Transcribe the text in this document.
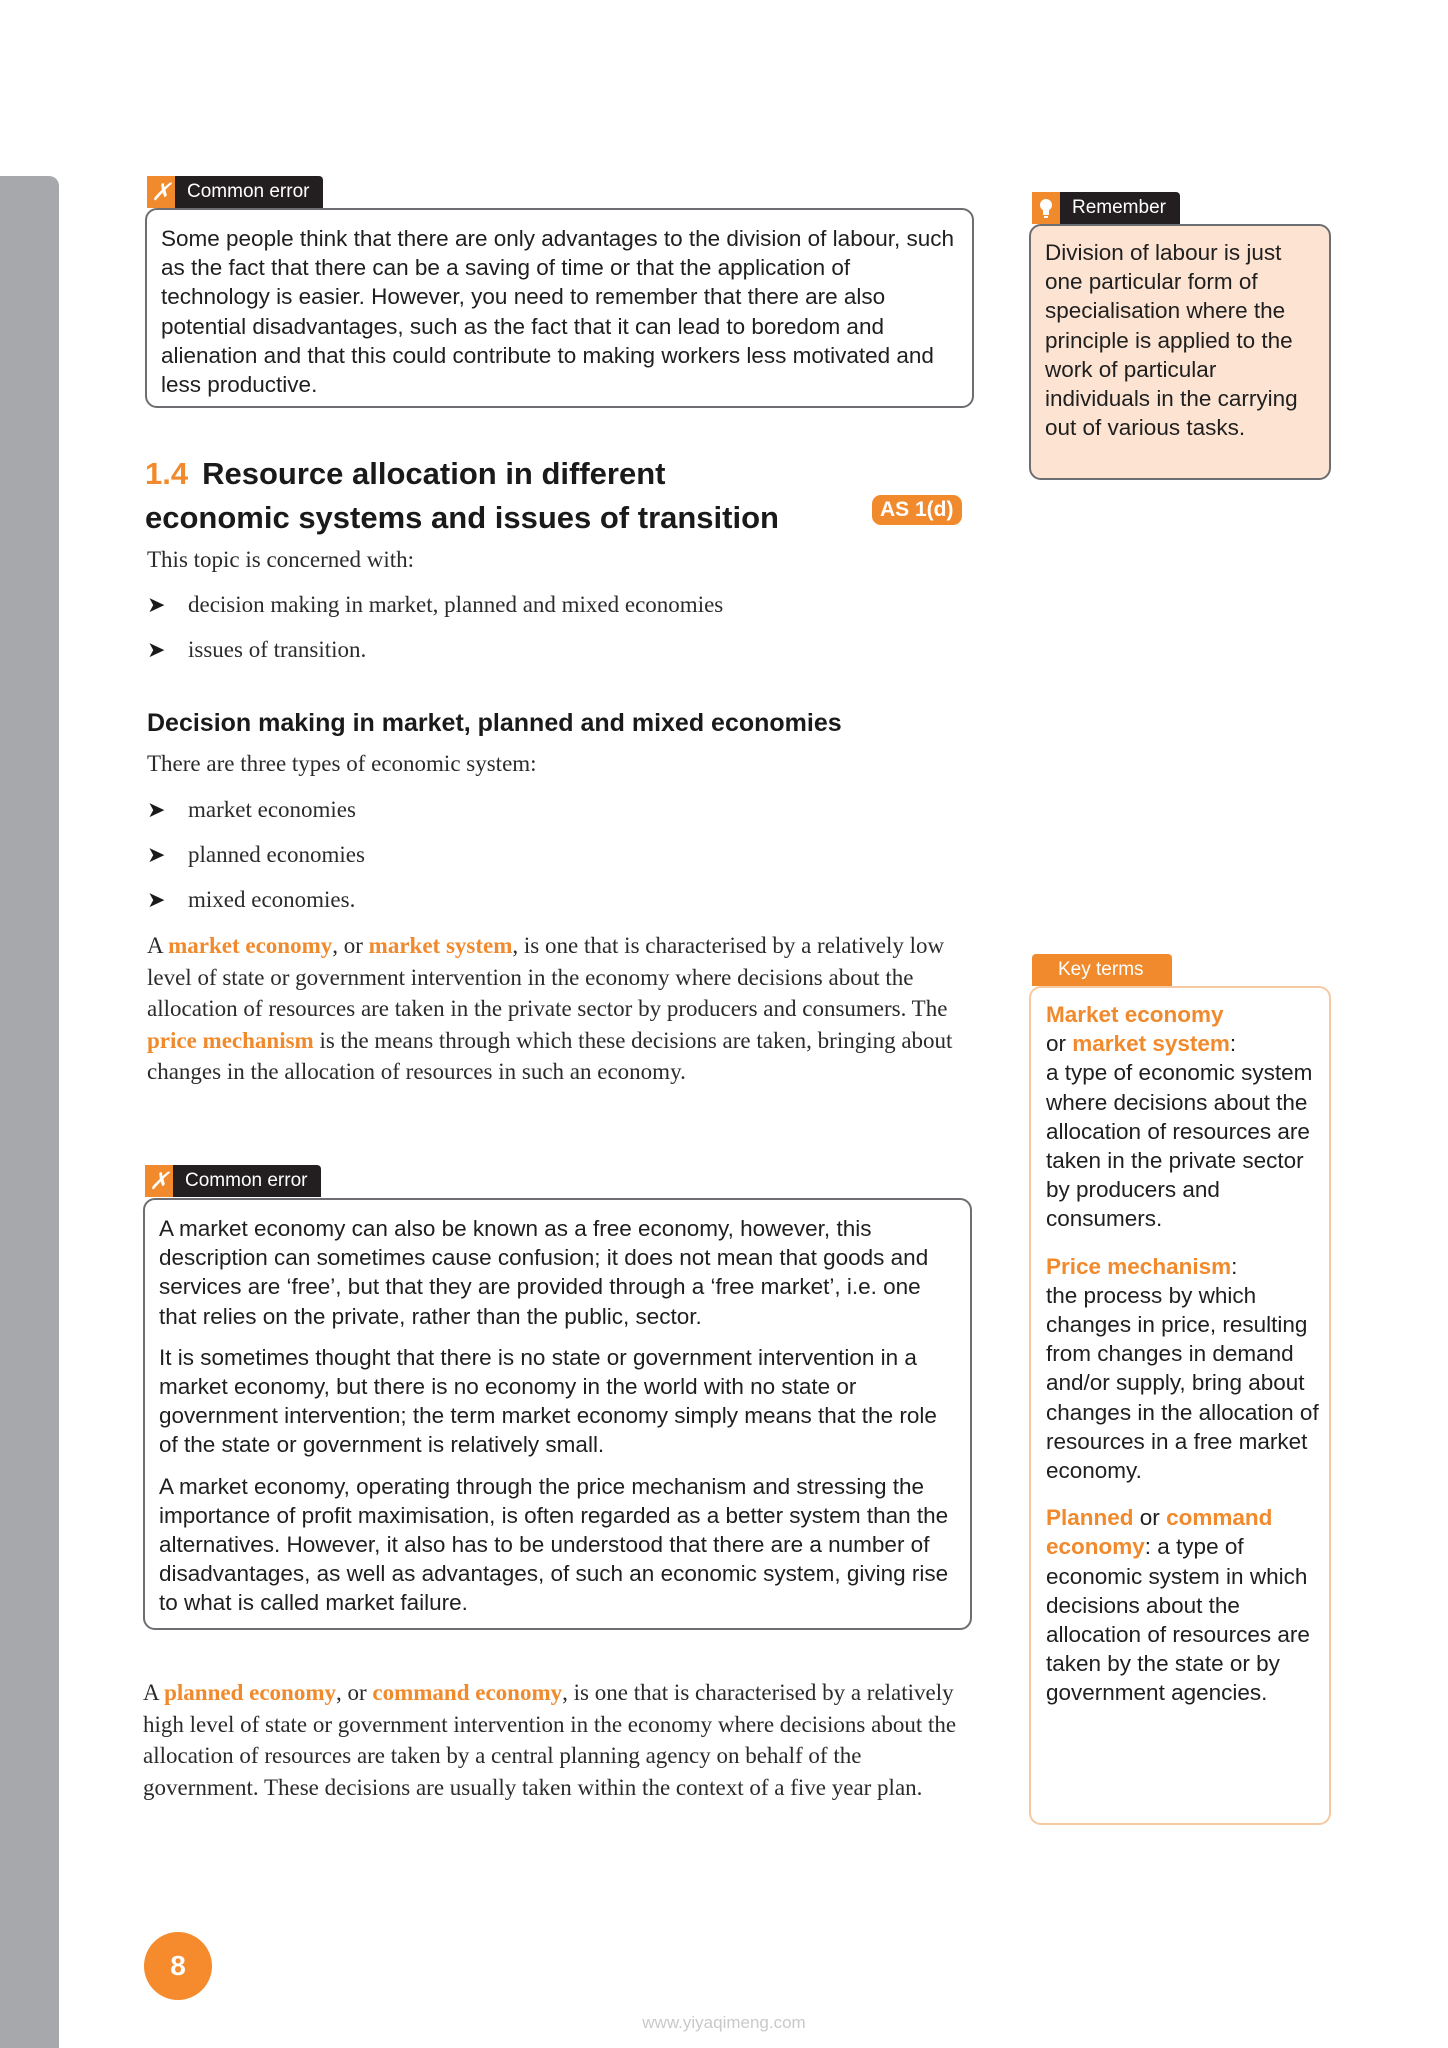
✗ Common error

Some people think that there are only advantages to the division of labour, such as the fact that there can be a saving of time or that the application of technology is easier. However, you need to remember that there are also potential disadvantages, such as the fact that it can lead to boredom and alienation and that this could contribute to making workers less motivated and less productive.

Remember

Division of labour is just one particular form of specialisation where the principle is applied to the work of particular individuals in the carrying out of various tasks.

1.4 Resource allocation in different
economic systems and issues of transition	AS 1(d)
This topic is concerned with:
➤ decision making in market, planned and mixed economies
➤ issues of transition.
Decision making in market, planned and mixed economies
There are three types of economic system:
➤ market economies
➤ planned economies
➤ mixed economies.
A market economy, or market system, is one that is characterised by a relatively low level of state or government intervention in the economy where decisions about the allocation of resources are taken in the private sector by producers and consumers. The price mechanism is the means through which these decisions are taken, bringing about changes in the allocation of resources in such an economy.
✗ Common error

A market economy can also be known as a free economy, however, this description can sometimes cause confusion; it does not mean that goods and services are ‘free’, but that they are provided through a ‘free market’, i.e. one that relies on the private, rather than the public, sector.

It is sometimes thought that there is no state or government intervention in a market economy, but there is no economy in the world with no state or government intervention; the term market economy simply means that the role of the state or government is relatively small.

A market economy, operating through the price mechanism and stressing the importance of profit maximisation, is often regarded as a better system than the alternatives. However, it also has to be understood that there are a number of disadvantages, as well as advantages, of such an economic system, giving rise to what is called market failure.

A planned economy, or command economy, is one that is characterised by a relatively high level of state or government intervention in the economy where decisions about the allocation of resources are taken by a central planning agency on behalf of the government. These decisions are usually taken within the context of a five year plan.
Key terms

Market economy
or market system:
a type of economic system where decisions about the allocation of resources are taken in the private sector by producers and consumers.

Price mechanism:
the process by which changes in price, resulting from changes in demand and/or supply, bring about changes in the allocation of resources in a free market economy.

Planned or command economy: a type of economic system in which decisions about the allocation of resources are taken by the state or by government agencies.

8
www.yiyaqimeng.com
